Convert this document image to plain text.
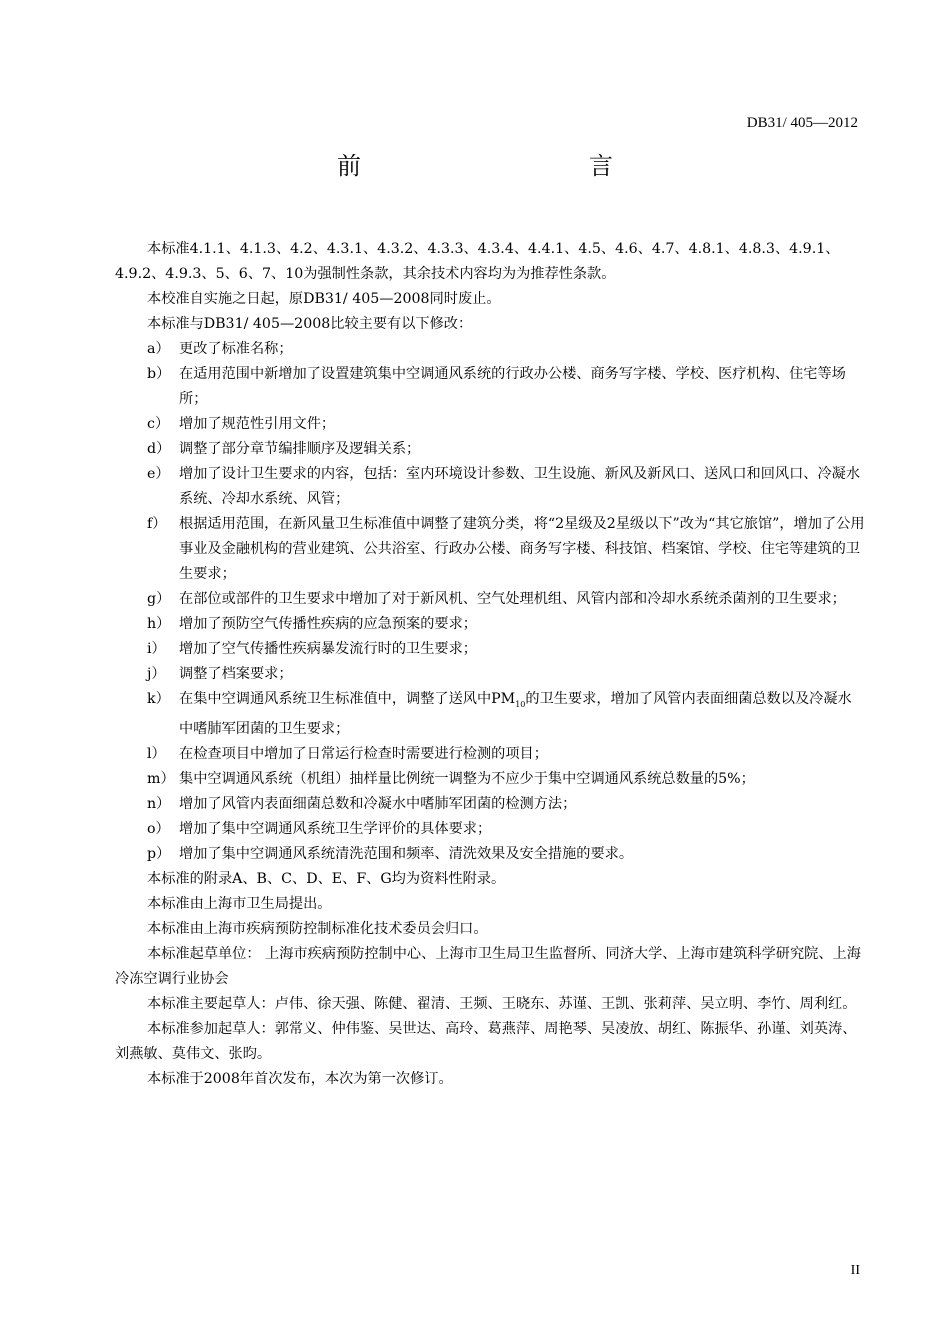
DB31/ 405—2012
前　　言

本标准4.1.1、4.1.3、4.2、4.3.1、4.3.2、4.3.3、4.3.4、4.4.1、4.5、4.6、4.7、4.8.1、4.8.3、4.9.1、4.9.2、4.9.3、5、6、7、10为强制性条款，其余技术内容均为为推荐性条款。

本校准自实施之日起，原DB31/ 405—2008同时废止。

本标准与DB31/ 405—2008比较主要有以下修改：

a） 更改了标准名称；
b） 在适用范围中新增加了设置建筑集中空调通风系统的行政办公楼、商务写字楼、学校、医疗机构、住宅等场所；
c） 增加了规范性引用文件；
d） 调整了部分章节编排顺序及逻辑关系；
e） 增加了设计卫生要求的内容，包括：室内环境设计参数、卫生设施、新风及新风口、送风口和回风口、冷凝水系统、冷却水系统、风管；
f） 根据适用范围，在新风量卫生标准值中调整了建筑分类，将“2星级及2星级以下”改为“其它旅馆”，增加了公用事业及金融机构的营业建筑、公共浴室、行政办公楼、商务写字楼、科技馆、档案馆、学校、住宅等建筑的卫生要求；
g） 在部位或部件的卫生要求中增加了对于新风机、空气处理机组、风管内部和冷却水系统杀菌剂的卫生要求；
h） 增加了预防空气传播性疾病的应急预案的要求；
i） 增加了空气传播性疾病暴发流行时的卫生要求；
j） 调整了档案要求；
k） 在集中空调通风系统卫生标准值中，调整了送风中$PM_{10}$的卫生要求，增加了风管内表面细菌总数以及冷凝水中嗜肺军团菌的卫生要求；
l） 在检查项目中增加了日常运行检查时需要进行检测的项目；
m） 集中空调通风系统（机组）抽样量比例统一调整为不应少于集中空调通风系统总数量的5%；
n） 增加了风管内表面细菌总数和冷凝水中嗜肺军团菌的检测方法；
o） 增加了集中空调通风系统卫生学评价的具体要求；
p） 增加了集中空调通风系统清洗范围和频率、清洗效果及安全措施的要求。

本标准的附录A、B、C、D、E、F、G均为资料性附录。

本标准由上海市卫生局提出。

本标准由上海市疾病预防控制标准化技术委员会归口。

本标准起草单位： 上海市疾病预防控制中心、上海市卫生局卫生监督所、同济大学、上海市建筑科学研究院、上海冷冻空调行业协会

本标准主要起草人：卢伟、徐天强、陈健、翟清、王频、王晓东、苏谨、王凯、张莉萍、吴立明、李竹、周利红。

本标准参加起草人：郭常义、仲伟鉴、吴世达、高玲、葛燕萍、周艳琴、吴凌放、胡红、陈振华、孙谨、刘英涛、刘燕敏、莫伟文、张昀。

本标准于2008年首次发布，本次为第一次修订。

II
